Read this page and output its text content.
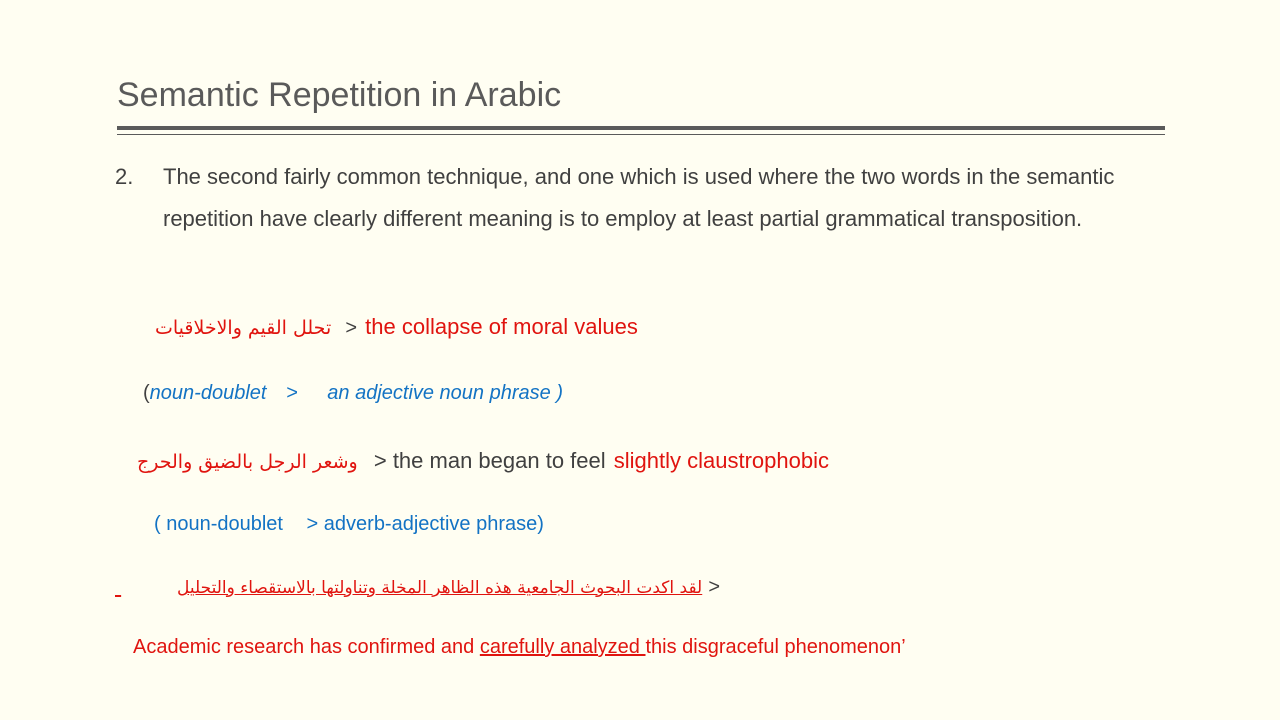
Semantic Repetition in Arabic
2. The second fairly common technique, and one which is used where the two words in the semantic repetition have clearly different meaning is to employ at least partial grammatical transposition.
تحلل القيم والاخلاقيات > the collapse of moral values
(noun-doublet > an adjective noun phrase )
وشعر الرجل بالضيق والحرج > the man began to feel slightly claustrophobic
( noun-doublet > adverb-adjective phrase)
لقد اكدت البحوث الجامعية هذه الظاهر المخلة وتناولتها بالاستقصاء والتحليل >
Academic research has confirmed and carefully analyzed this disgraceful phenomenon’
